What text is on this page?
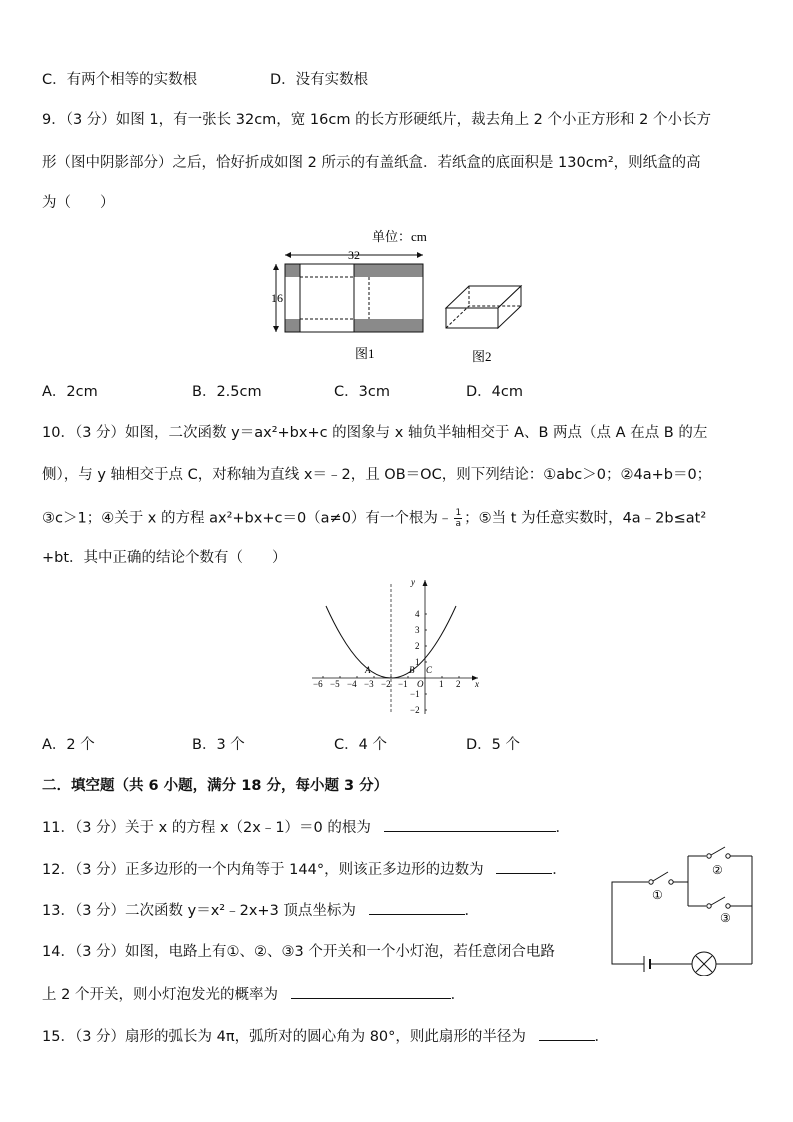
C．有两个相等的实数根	D．没有实数根
9．（3 分）如图 1，有一张长 32cm，宽 16cm 的长方形硬纸片，裁去角上 2 个小正方形和 2 个小长方
形（图中阴影部分）之后，恰好折成如图 2 所示的有盖纸盒．若纸盒的底面积是 130cm²，则纸盒的高
为（　　）
单位：cm
32
16
图1	图2
A．2cm	B．2.5cm	C．3cm	D．4cm
10．（3 分）如图，二次函数 y＝ax²+bx+c 的图象与 x 轴负半轴相交于 A、B 两点（点 A 在点 B 的左
侧），与 y 轴相交于点 C，对称轴为直线 x＝﹣2，且 OB＝OC，则下列结论：①abc＞0；②4a+b＝0；
③c＞1；④关于 x 的方程 ax²+bx+c＝0（a≠0）有一个根为﹣ $\frac{1}{a}$ ；⑤当 t 为任意实数时，4a﹣2b≤at²
+bt．其中正确的结论个数有（　　）
x
y
−6 −5 −4 −3 −2 −1 O 1 2
4
3
2
1
−1
−2
A	B C
A．2 个	B．3 个	C．4 个	D．5 个
二．填空题（共 6 小题，满分 18 分，每小题 3 分）
11．（3 分）关于 x 的方程 x（2x﹣1）＝0 的根为	．
12．（3 分）正多边形的一个内角等于 144°，则该正多边形的边数为	．
13．（3 分）二次函数 y＝x²﹣2x+3 顶点坐标为	．
14．（3 分）如图，电路上有①、②、③3 个开关和一个小灯泡，若任意闭合电路
上 2 个开关，则小灯泡发光的概率为	．
①
②
③
15．（3 分）扇形的弧长为 4π，弧所对的圆心角为 80°，则此扇形的半径为	．
